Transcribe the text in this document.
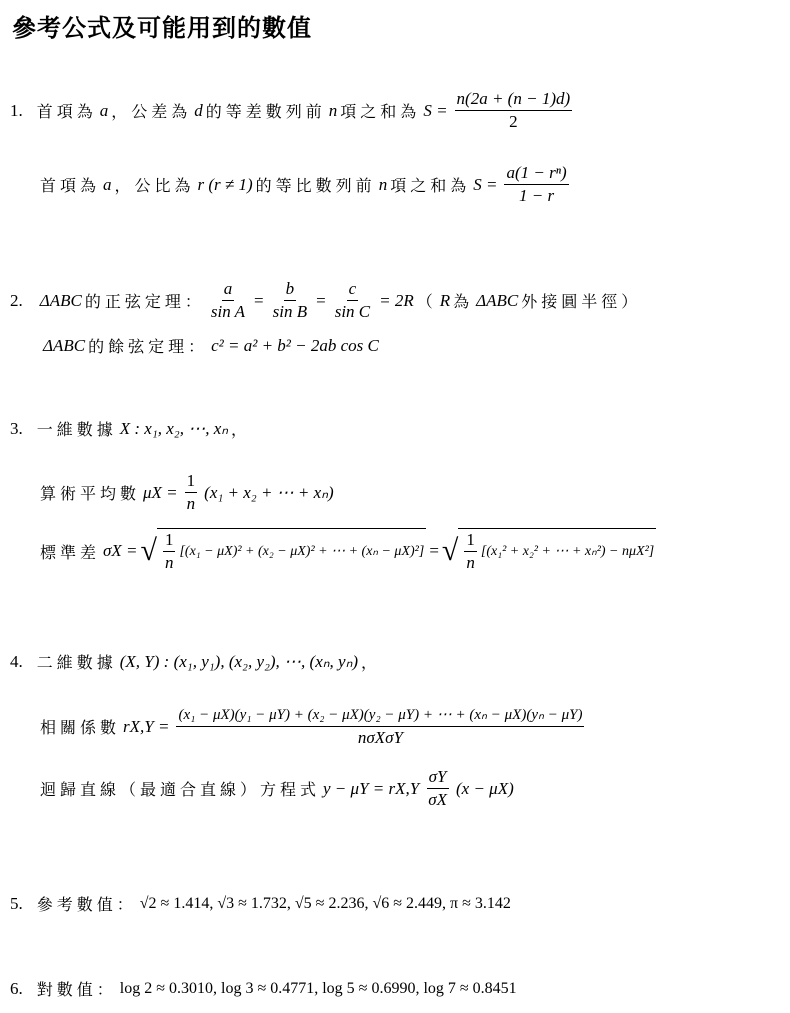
參考公式及可能用到的數值
1. 首項為 a ，公差為 d 的等差數列前 n 項之和為 $S = \frac{n(2a + (n - 1)d)}{2}$
首項為 a ，公比為 r (r ≠ 1) 的等比數列前 n 項之和為 $S = \frac{\text{a(1 − rⁿ)}}{1 - r}$
2. ΔABC 的正弦定理： $\frac{a}{\text{sin A}} = \frac{b}{\text{sin B}} = \frac{c}{\text{sin C}} = 2R$ （ R 為 ΔABC 外接圓半徑）
ΔABC 的餘弦定理： c² = a² + b² − 2ab cos C
3. 一維數據 X : x₁, x₂, ⋯, xₙ ，
算術平均數 $\mu X = \frac{1}{n} (x_1 + x_2$ + ⋯ + xₙ)
標準差 σX = √ $\frac{1}{n} [(x_1 - \mu X)^2 + (x_2 - \mu X)^2$ + ⋯ + (xₙ − μX)²] = √ $\frac{1}{n} [(x_1^2 + x_2^2$ + ⋯ + xₙ²) − nμX²]
4. 二維數據 (X, Y) : (x₁, y₁), (x₂, y₂), ⋯, (xₙ, yₙ) ，
相關係數 rX,Y =
(x₁ − μX)(y₁ − μY) + (x₂ − μX)(y₂ − μY) + ⋯ + (xₙ − μX)(yₙ − μY)
nσXσY
迴歸直線（最適合直線）方程式 $y - \mu Y = rX,Y \frac{\sigma Y}{\sigma X} (x - \mu X)$
5. 參考數值： √2 ≈ 1.414, √3 ≈ 1.732, √5 ≈ 2.236, √6 ≈ 2.449, π ≈ 3.142
6. 對數值： log 2 ≈ 0.3010, log 3 ≈ 0.4771, log 5 ≈ 0.6990, log 7 ≈ 0.8451
